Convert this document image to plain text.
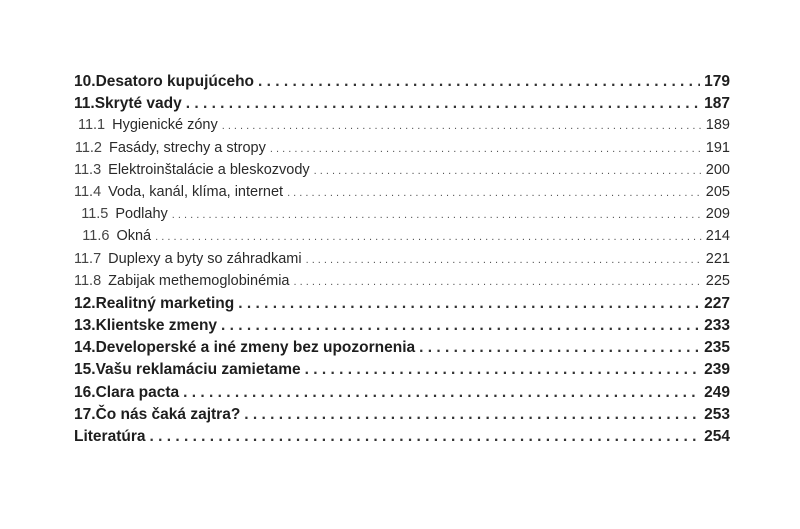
10. Desatoro kupujúceho . . .	179
11. Skryté vady . . .	187
11.1 Hygienické zóny . . .	189
11.2 Fasády, strechy a stropy . . .	191
11.3 Elektroinštalácie a bleskozvody . . .	200
11.4 Voda, kanál, klíma, internet . . .	205
11.5 Podlahy . . .	209
11.6 Okná . . .	214
11.7 Duplexy a byty so záhradkami . . .	221
11.8 Zabijak methemoglobinémia . . .	225
12. Realitný marketing . . .	227
13. Klientske zmeny . . .	233
14. Developerské a iné zmeny bez upozornenia . . .	235
15. Vašu reklamáciu zamietame . . .	239
16. Clara pacta . . .	249
17. Čo nás čaká zajtra? . . .	253
Literatúra . . .	254
